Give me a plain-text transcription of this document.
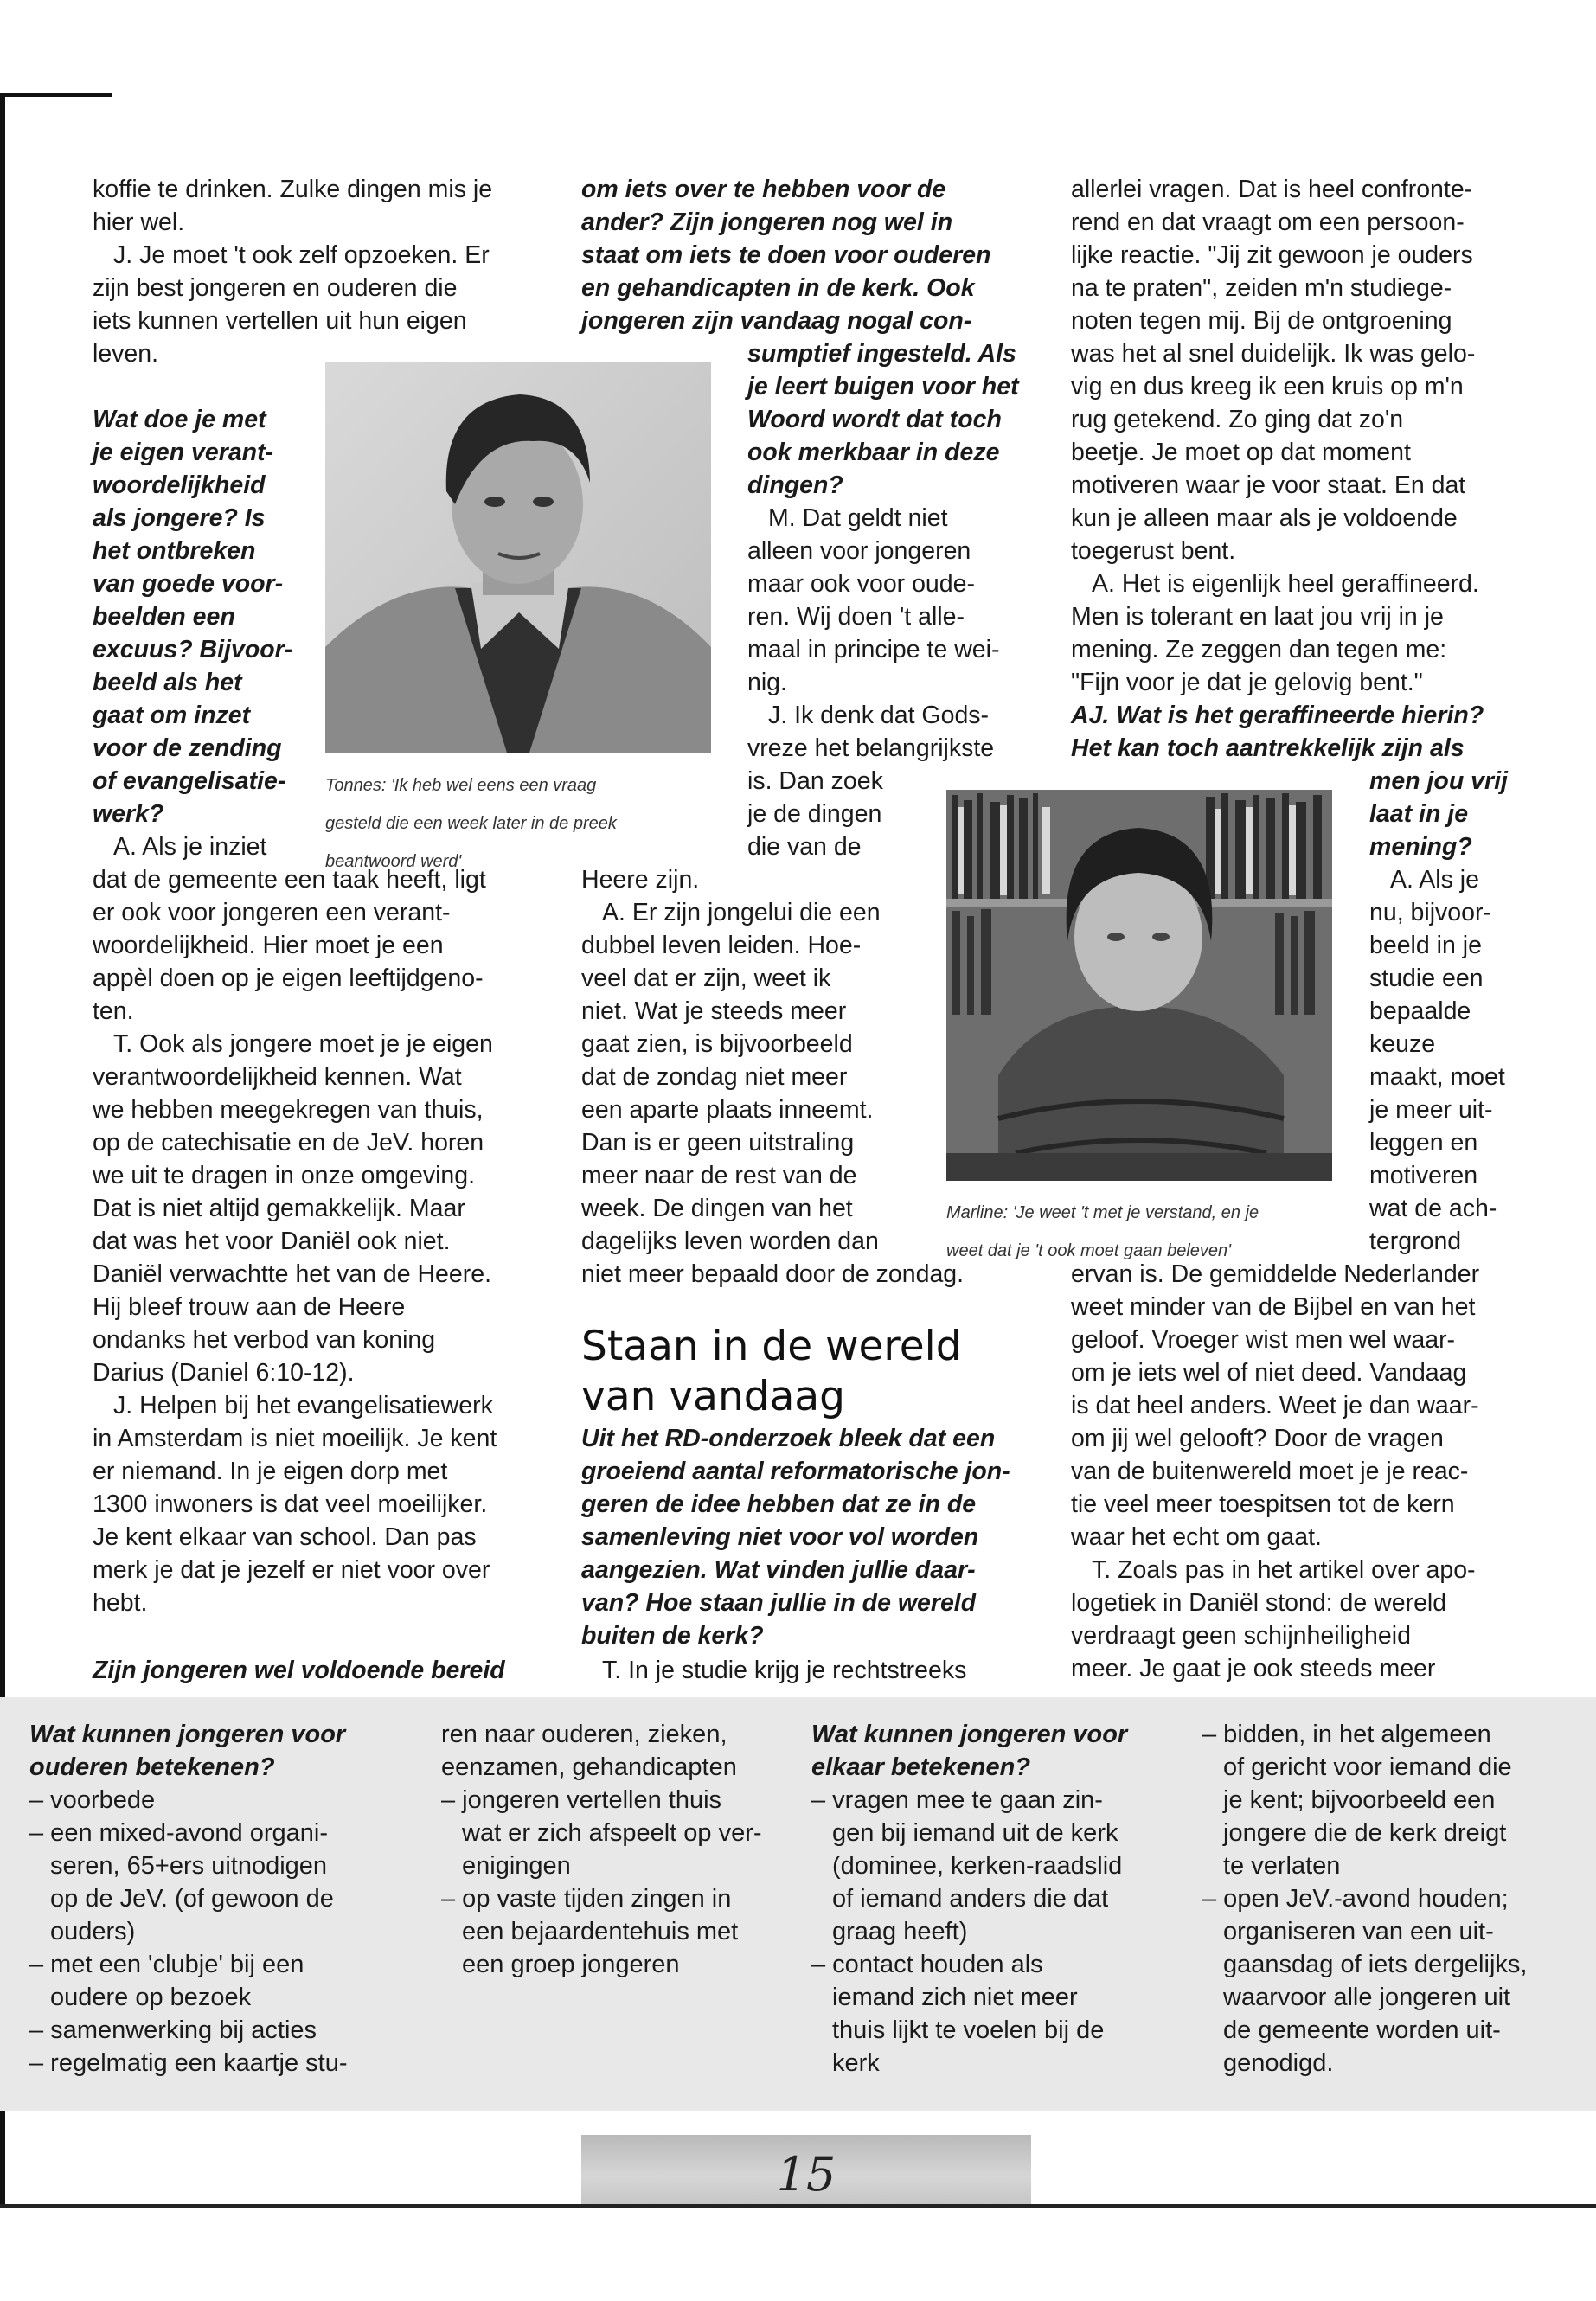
koffie te drinken. Zulke dingen mis je

hier wel.

J. Je moet 't ook zelf opzoeken. Er

zijn best jongeren en ouderen die

iets kunnen vertellen uit hun eigen

leven.

Wat doe je met

je eigen verant-

woordelijkheid

als jongere? Is

het ontbreken

van goede voor-

beelden een

excuus? Bijvoor-

beeld als het

gaat om inzet

voor de zending

of evangelisatie-

werk?

A. Als je inziet

dat de gemeente een taak heeft, ligt

er ook voor jongeren een verant-

woordelijkheid. Hier moet je een

appèl doen op je eigen leeftijdgeno-

ten.

T. Ook als jongere moet je je eigen

verantwoordelijkheid kennen. Wat

we hebben meegekregen van thuis,

op de catechisatie en de JeV. horen

we uit te dragen in onze omgeving.

Dat is niet altijd gemakkelijk. Maar

dat was het voor Daniël ook niet.

Daniël verwachtte het van de Heere.

Hij bleef trouw aan de Heere

ondanks het verbod van koning

Darius (Daniel 6:10-12).

J. Helpen bij het evangelisatiewerk

in Amsterdam is niet moeilijk. Je kent

er niemand. In je eigen dorp met

1300 inwoners is dat veel moeilijker.

Je kent elkaar van school. Dan pas

merk je dat je jezelf er niet voor over

hebt.

Zijn jongeren wel voldoende bereid

Tonnes: 'Ik heb wel eens een vraag

gesteld die een week later in de preek

beantwoord werd'

om iets over te hebben voor de

ander? Zijn jongeren nog wel in

staat om iets te doen voor ouderen

en gehandicapten in de kerk. Ook

jongeren zijn vandaag nogal con-

sumptief ingesteld. Als

je leert buigen voor het

Woord wordt dat toch

ook merkbaar in deze

dingen?

M. Dat geldt niet

alleen voor jongeren

maar ook voor oude-

ren. Wij doen 't alle-

maal in principe te wei-

nig.

J. Ik denk dat Gods-

vreze het belangrijkste

is. Dan zoek

je de dingen

die van de

Heere zijn.

A. Er zijn jongelui die een

dubbel leven leiden. Hoe-

veel dat er zijn, weet ik

niet. Wat je steeds meer

gaat zien, is bijvoorbeeld

dat de zondag niet meer

een aparte plaats inneemt.

Dan is er geen uitstraling

meer naar de rest van de

week. De dingen van het

dagelijks leven worden dan

niet meer bepaald door de zondag.

Staan in de wereld
van vandaag

Uit het RD-onderzoek bleek dat een

groeiend aantal reformatorische jon-

geren de idee hebben dat ze in de

samenleving niet voor vol worden

aangezien. Wat vinden jullie daar-

van? Hoe staan jullie in de wereld

buiten de kerk?

T. In je studie krijg je rechtstreeks

Marline: 'Je weet 't met je verstand, en je

weet dat je 't ook moet gaan beleven'

allerlei vragen. Dat is heel confronte-

rend en dat vraagt om een persoon-

lijke reactie. "Jij zit gewoon je ouders

na te praten", zeiden m'n studiege-

noten tegen mij. Bij de ontgroening

was het al snel duidelijk. Ik was gelo-

vig en dus kreeg ik een kruis op m'n

rug getekend. Zo ging dat zo'n

beetje. Je moet op dat moment

motiveren waar je voor staat. En dat

kun je alleen maar als je voldoende

toegerust bent.

A. Het is eigenlijk heel geraffineerd.

Men is tolerant en laat jou vrij in je

mening. Ze zeggen dan tegen me:

"Fijn voor je dat je gelovig bent."

AJ. Wat is het geraffineerde hierin?

Het kan toch aantrekkelijk zijn als

men jou vrij

laat in je

mening?

A. Als je

nu, bijvoor-

beeld in je

studie een

bepaalde

keuze

maakt, moet

je meer uit-

leggen en

motiveren

wat de ach-

tergrond

ervan is. De gemiddelde Nederlander

weet minder van de Bijbel en van het

geloof. Vroeger wist men wel waar-

om je iets wel of niet deed. Vandaag

is dat heel anders. Weet je dan waar-

om jij wel gelooft? Door de vragen

van de buitenwereld moet je je reac-

tie veel meer toespitsen tot de kern

waar het echt om gaat.

T. Zoals pas in het artikel over apo-

logetiek in Daniël stond: de wereld

verdraagt geen schijnheiligheid

meer. Je gaat je ook steeds meer

Wat kunnen jongeren voor

ouderen betekenen?

– voorbede

– een mixed-avond organi-

seren, 65+ers uitnodigen

op de JeV. (of gewoon de

ouders)

– met een 'clubje' bij een

oudere op bezoek

– samenwerking bij acties

– regelmatig een kaartje stu-

ren naar ouderen, zieken,

eenzamen, gehandicapten

– jongeren vertellen thuis

wat er zich afspeelt op ver-

enigingen

– op vaste tijden zingen in

een bejaardentehuis met

een groep jongeren

Wat kunnen jongeren voor

elkaar betekenen?

– vragen mee te gaan zin-

gen bij iemand uit de kerk

(dominee, kerken-raadslid

of iemand anders die dat

graag heeft)

– contact houden als

iemand zich niet meer

thuis lijkt te voelen bij de

kerk

– bidden, in het algemeen

of gericht voor iemand die

je kent; bijvoorbeeld een

jongere die de kerk dreigt

te verlaten

– open JeV.-avond houden;

organiseren van een uit-

gaansdag of iets dergelijks,

waarvoor alle jongeren uit

de gemeente worden uit-

genodigd.

15
